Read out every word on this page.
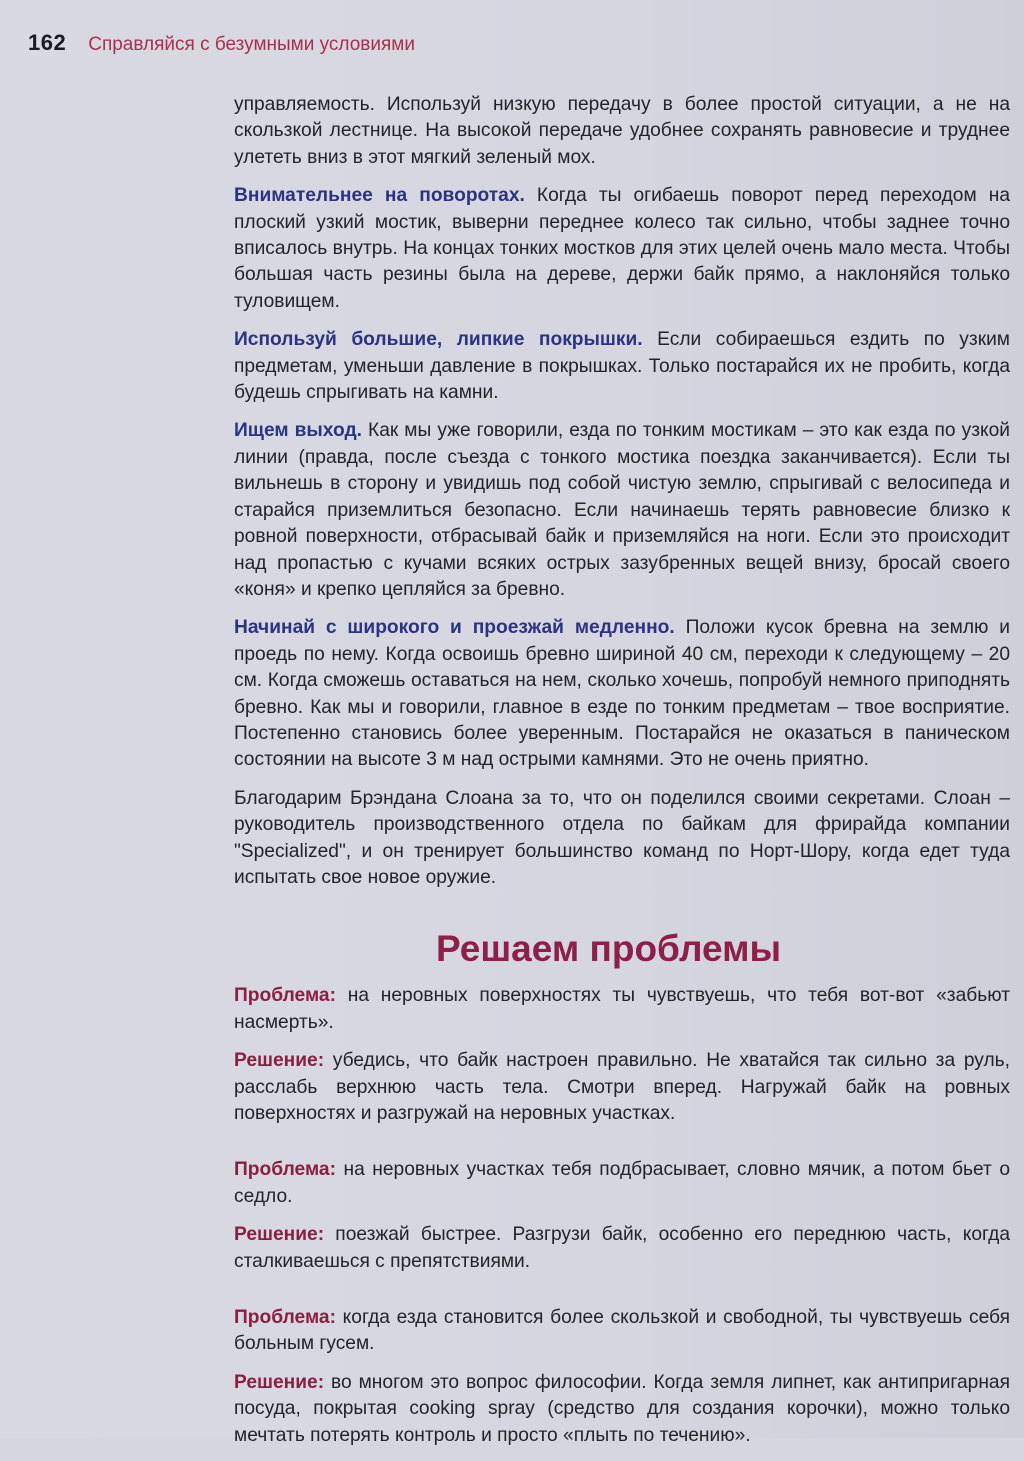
162 Справляйся с безумными условиями

управляемость. Используй низкую передачу в более простой ситуации, а не на скользкой лестнице. На высокой передаче удобнее сохранять равновесие и труднее улететь вниз в этот мягкий зеленый мох.

Внимательнее на поворотах. Когда ты огибаешь поворот перед переходом на плоский узкий мостик, выверни переднее колесо так сильно, чтобы заднее точно вписалось внутрь. На концах тонких мостков для этих целей очень мало места. Чтобы большая часть резины была на дереве, держи байк прямо, а наклоняйся только туловищем.

Используй большие, липкие покрышки. Если собираешься ездить по узким предметам, уменьши давление в покрышках. Только постарайся их не пробить, когда будешь спрыгивать на камни.

Ищем выход. Как мы уже говорили, езда по тонким мостикам – это как езда по узкой линии (правда, после съезда с тонкого мостика поездка заканчивается). Если ты вильнешь в сторону и увидишь под собой чистую землю, спрыгивай с велосипеда и старайся приземлиться безопасно. Если начинаешь терять равновесие близко к ровной поверхности, отбрасывай байк и приземляйся на ноги. Если это происходит над пропастью с кучами всяких острых зазубренных вещей внизу, бросай своего «коня» и крепко цепляйся за бревно.

Начинай с широкого и проезжай медленно. Положи кусок бревна на землю и проедь по нему. Когда освоишь бревно шириной 40 см, переходи к следующему – 20 см. Когда сможешь оставаться на нем, сколько хочешь, попробуй немного приподнять бревно. Как мы и говорили, главное в езде по тонким предметам – твое восприятие. Постепенно становись более уверенным. Постарайся не оказаться в паническом состоянии на высоте 3 м над острыми камнями. Это не очень приятно.

Благодарим Брэндана Слоана за то, что он поделился своими секретами. Слоан – руководитель производственного отдела по байкам для фрирайда компании "Specialized", и он тренирует большинство команд по Норт-Шору, когда едет туда испытать свое новое оружие.

Решаем проблемы

Проблема: на неровных поверхностях ты чувствуешь, что тебя вот-вот «забьют насмерть».

Решение: убедись, что байк настроен правильно. Не хватайся так сильно за руль, расслабь верхнюю часть тела. Смотри вперед. Нагружай байк на ровных поверхностях и разгружай на неровных участках.

Проблема: на неровных участках тебя подбрасывает, словно мячик, а потом бьет о седло.

Решение: поезжай быстрее. Разгрузи байк, особенно его переднюю часть, когда сталкиваешься с препятствиями.

Проблема: когда езда становится более скользкой и свободной, ты чувствуешь себя больным гусем.

Решение: во многом это вопрос философии. Когда земля липнет, как антипригарная посуда, покрытая cooking spray (средство для создания корочки), можно только мечтать потерять контроль и просто «плыть по течению».
